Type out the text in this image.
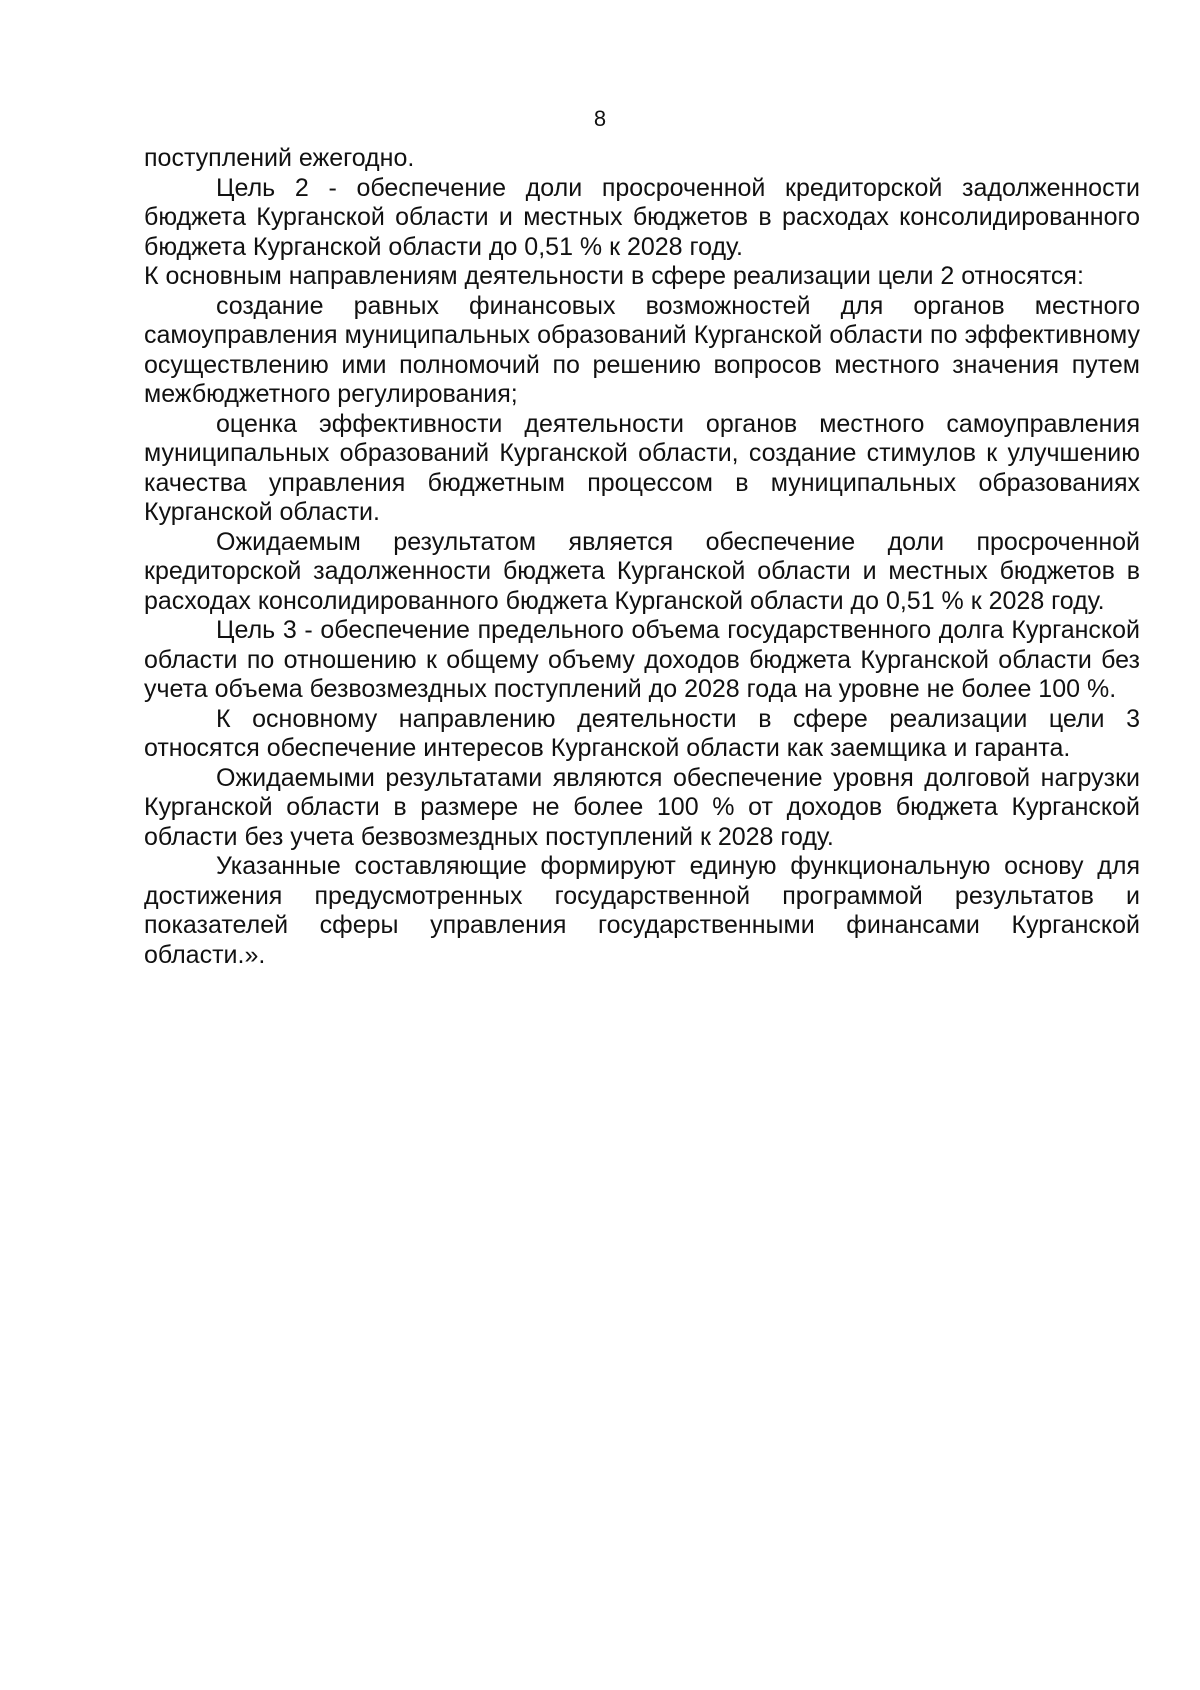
8

поступлений ежегодно.

Цель 2 - обеспечение доли просроченной кредиторской задолженности бюджета Курганской области и местных бюджетов в расходах консолидированного бюджета Курганской области до 0,51 % к 2028 году.

К основным направлениям деятельности в сфере реализации цели 2 относятся:

создание равных финансовых возможностей для органов местного самоуправления муниципальных образований Курганской области по эффективному осуществлению ими полномочий по решению вопросов местного значения путем межбюджетного регулирования;

оценка эффективности деятельности органов местного самоуправления муниципальных образований Курганской области, создание стимулов к улучшению качества управления бюджетным процессом в муниципальных образованиях Курганской области.

Ожидаемым результатом является обеспечение доли просроченной кредиторской задолженности бюджета Курганской области и местных бюджетов в расходах консолидированного бюджета Курганской области до 0,51 % к 2028 году.

Цель 3 - обеспечение предельного объема государственного долга Курганской области по отношению к общему объему доходов бюджета Курганской области без учета объема безвозмездных поступлений до 2028 года на уровне не более 100 %.

К основному направлению деятельности в сфере реализации цели 3 относятся обеспечение интересов Курганской области как заемщика и гаранта.

Ожидаемыми результатами являются обеспечение уровня долговой нагрузки Курганской области в размере не более 100 % от доходов бюджета Курганской области без учета безвозмездных поступлений к 2028 году.

Указанные составляющие формируют единую функциональную основу для достижения предусмотренных государственной программой результатов и показателей сферы управления государственными финансами Курганской области.».
